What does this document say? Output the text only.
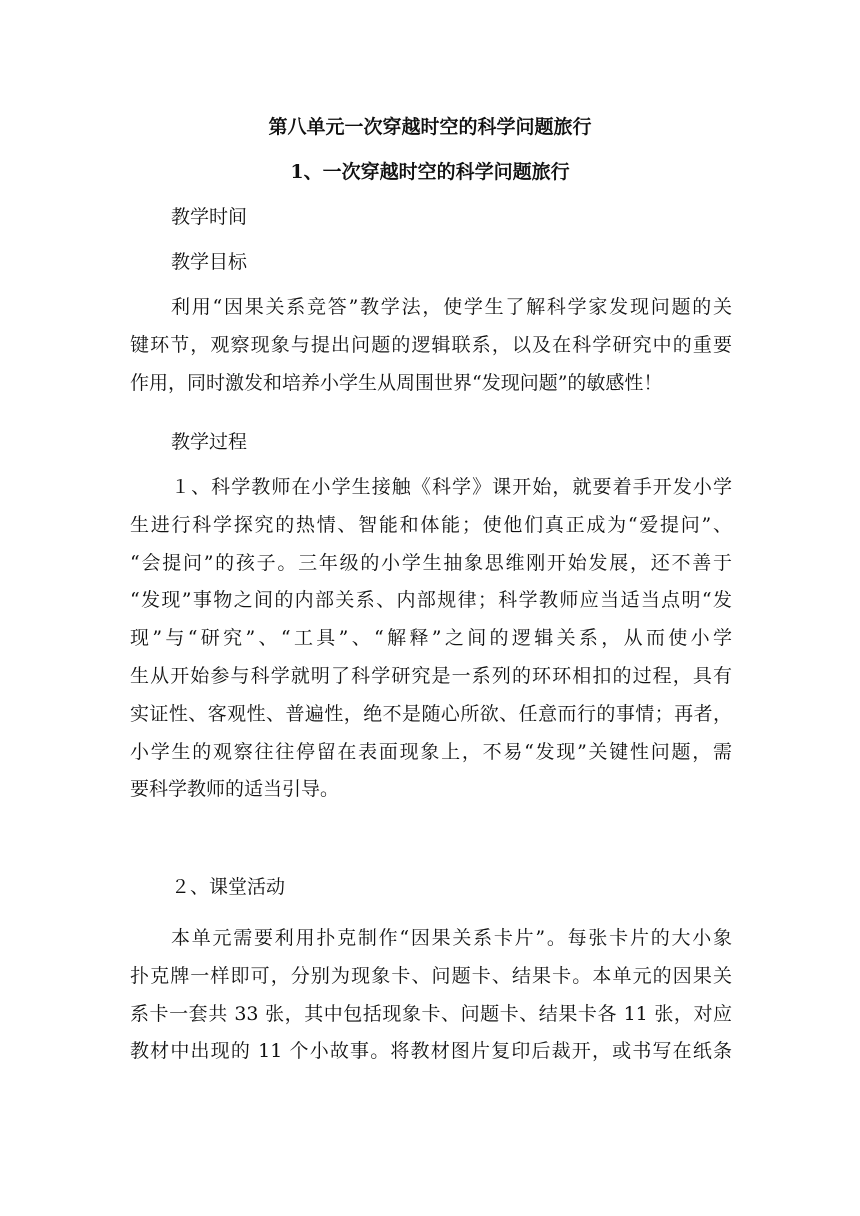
第八单元一次穿越时空的科学问题旅行
1、一次穿越时空的科学问题旅行
教学时间
教学目标
利用“因果关系竞答”教学法，使学生了解科学家发现问题的关
键环节，观察现象与提出问题的逻辑联系，以及在科学研究中的重要
作用，同时激发和培养小学生从周围世界“发现问题”的敏感性！
教学过程
１、科学教师在小学生接触《科学》课开始，就要着手开发小学
生进行科学探究的热情、智能和体能；使他们真正成为“爱提问”、
“会提问”的孩子。三年级的小学生抽象思维刚开始发展，还不善于
“发现”事物之间的内部关系、内部规律；科学教师应当适当点明“发
现”与“研究”、“工具”、“解释”之间的逻辑关系，从而使小学
生从开始参与科学就明了科学研究是一系列的环环相扣的过程，具有
实证性、客观性、普遍性，绝不是随心所欲、任意而行的事情；再者，
小学生的观察往往停留在表面现象上，不易“发现”关键性问题，需
要科学教师的适当引导。
２、课堂活动
本单元需要利用扑克制作“因果关系卡片”。每张卡片的大小象
扑克牌一样即可，分别为现象卡、问题卡、结果卡。本单元的因果关
系卡一套共 33 张，其中包括现象卡、问题卡、结果卡各 11 张，对应
教材中出现的 11 个小故事。将教材图片复印后裁开，或书写在纸条
